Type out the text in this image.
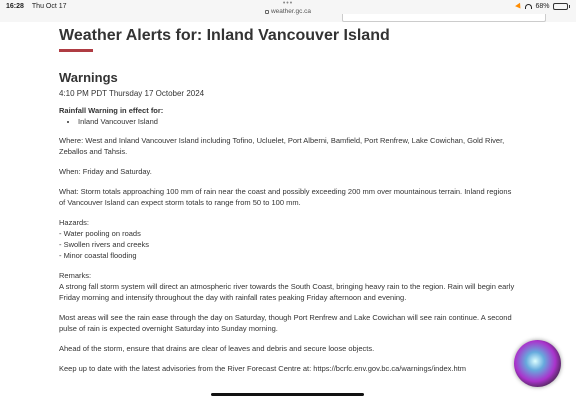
16:28 Thu Oct 17	•••
weather.gc.ca
68%
Weather Alerts for: Inland Vancouver Island
Warnings

4:10 PM PDT Thursday 17 October 2024

Rainfall Warning in effect for:

• Inland Vancouver Island

Where: West and Inland Vancouver Island including Tofino, Ucluelet, Port Alberni, Bamfield, Port Renfrew, Lake Cowichan, Gold River, Zeballos and Tahsis.

When: Friday and Saturday.

What: Storm totals approaching 100 mm of rain near the coast and possibly exceeding 200 mm over mountainous terrain. Inland regions of Vancouver Island can expect storm totals to range from 50 to 100 mm.

Hazards:

- Water pooling on roads

- Swollen rivers and creeks

- Minor coastal flooding

Remarks:

A strong fall storm system will direct an atmospheric river towards the South Coast, bringing heavy rain to the region. Rain will begin early Friday morning and intensify throughout the day with rainfall rates peaking Friday afternoon and evening.

Most areas will see the rain ease through the day on Saturday, though Port Renfrew and Lake Cowichan will see rain continue. A second pulse of rain is expected overnight Saturday into Sunday morning.

Ahead of the storm, ensure that drains are clear of leaves and debris and secure loose objects.

Keep up to date with the latest advisories from the River Forecast Centre at: https://bcrfc.env.gov.bc.ca/warnings/index.htm
